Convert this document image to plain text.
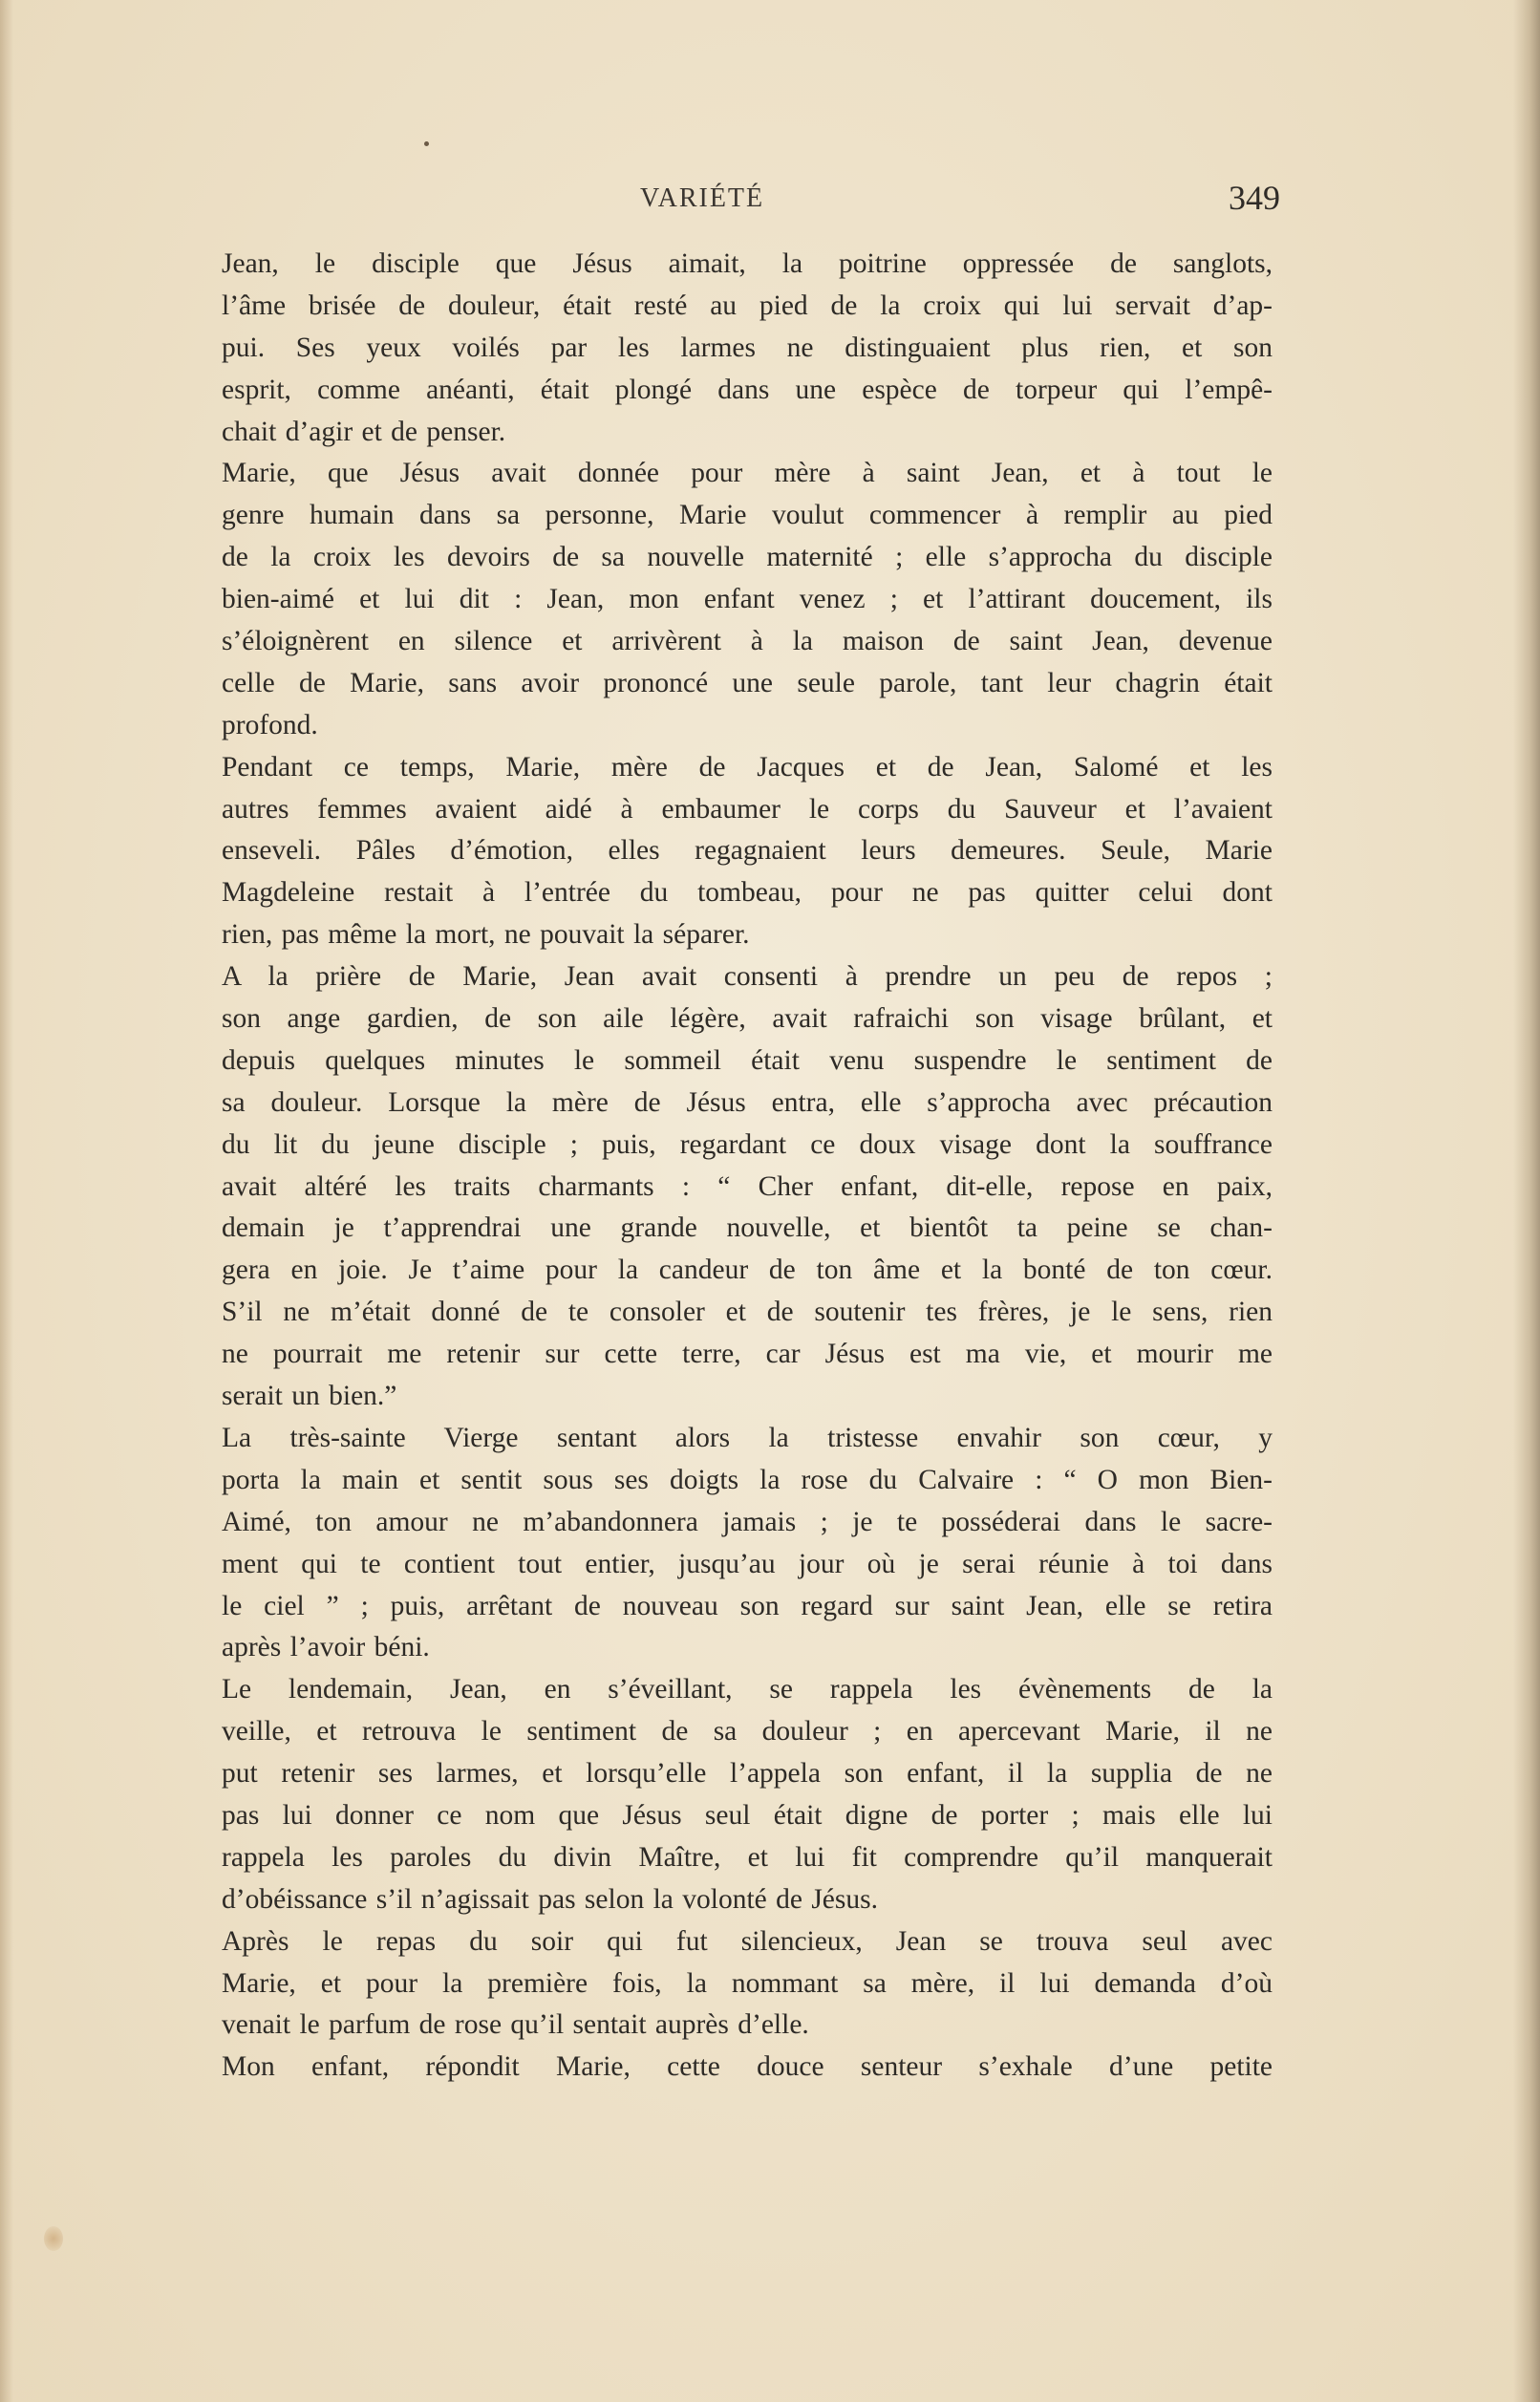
VARIÉTÉ	349
Jean, le disciple que Jésus aimait, la poitrine oppressée de sanglots,
l’âme brisée de douleur, était resté au pied de la croix qui lui servait d’ap-
pui. Ses yeux voilés par les larmes ne distinguaient plus rien, et son
esprit, comme anéanti, était plongé dans une espèce de torpeur qui l’empê-
chait d’agir et de penser.
Marie, que Jésus avait donnée pour mère à saint Jean, et à tout le
genre humain dans sa personne, Marie voulut commencer à remplir au pied
de la croix les devoirs de sa nouvelle maternité ; elle s’approcha du disciple
bien-aimé et lui dit : Jean, mon enfant venez ; et l’attirant doucement, ils
s’éloignèrent en silence et arrivèrent à la maison de saint Jean, devenue
celle de Marie, sans avoir prononcé une seule parole, tant leur chagrin était
profond.
Pendant ce temps, Marie, mère de Jacques et de Jean, Salomé et les
autres femmes avaient aidé à embaumer le corps du Sauveur et l’avaient
enseveli. Pâles d’émotion, elles regagnaient leurs demeures. Seule, Marie
Magdeleine restait à l’entrée du tombeau, pour ne pas quitter celui dont
rien, pas même la mort, ne pouvait la séparer.
A la prière de Marie, Jean avait consenti à prendre un peu de repos ;
son ange gardien, de son aile légère, avait rafraichi son visage brûlant, et
depuis quelques minutes le sommeil était venu suspendre le sentiment de
sa douleur. Lorsque la mère de Jésus entra, elle s’approcha avec précaution
du lit du jeune disciple ; puis, regardant ce doux visage dont la souffrance
avait altéré les traits charmants : “ Cher enfant, dit-elle, repose en paix,
demain je t’apprendrai une grande nouvelle, et bientôt ta peine se chan-
gera en joie. Je t’aime pour la candeur de ton âme et la bonté de ton cœur.
S’il ne m’était donné de te consoler et de soutenir tes frères, je le sens, rien
ne pourrait me retenir sur cette terre, car Jésus est ma vie, et mourir me
serait un bien.”
La très-sainte Vierge sentant alors la tristesse envahir son cœur, y
porta la main et sentit sous ses doigts la rose du Calvaire : “ O mon Bien-
Aimé, ton amour ne m’abandonnera jamais ; je te posséderai dans le sacre-
ment qui te contient tout entier, jusqu’au jour où je serai réunie à toi dans
le ciel ” ; puis, arrêtant de nouveau son regard sur saint Jean, elle se retira
après l’avoir béni.
Le lendemain, Jean, en s’éveillant, se rappela les évènements de la
veille, et retrouva le sentiment de sa douleur ; en apercevant Marie, il ne
put retenir ses larmes, et lorsqu’elle l’appela son enfant, il la supplia de ne
pas lui donner ce nom que Jésus seul était digne de porter ; mais elle lui
rappela les paroles du divin Maître, et lui fit comprendre qu’il manquerait
d’obéissance s’il n’agissait pas selon la volonté de Jésus.
Après le repas du soir qui fut silencieux, Jean se trouva seul avec
Marie, et pour la première fois, la nommant sa mère, il lui demanda d’où
venait le parfum de rose qu’il sentait auprès d’elle.
Mon enfant, répondit Marie, cette douce senteur s’exhale d’une petite
